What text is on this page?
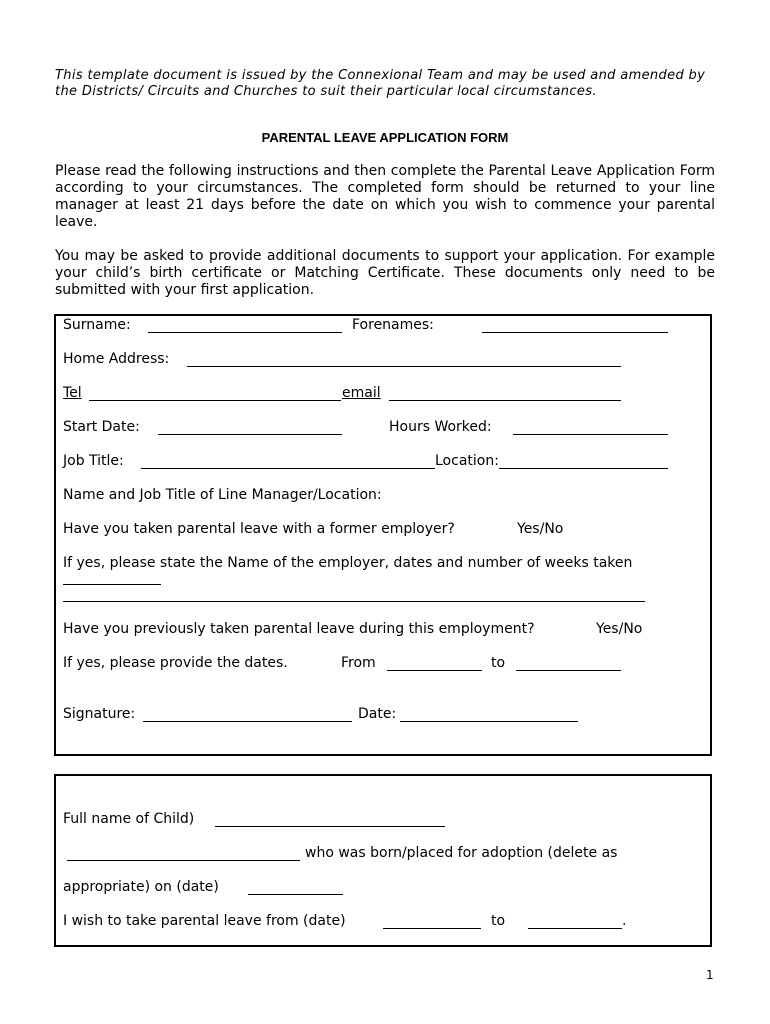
This template document is issued by the Connexional Team and may be used and amended by the Districts/ Circuits and Churches to suit their particular local circumstances.
PARENTAL LEAVE APPLICATION FORM
Please read the following instructions and then complete the Parental Leave Application Form according to your circumstances. The completed form should be returned to your line manager at least 21 days before the date on which you wish to commence your parental leave.
You may be asked to provide additional documents to support your application. For example your child’s birth certificate or Matching Certificate. These documents only need to be submitted with your first application.
Surname:	Forenames:
Home Address:
Tel	email
Start Date:	Hours Worked:
Job Title:	Location:
Name and Job Title of Line Manager/Location:
Have you taken parental leave with a former employer?	Yes/No
If yes, please state the Name of the employer, dates and number of weeks taken
Have you previously taken parental leave during this employment?	Yes/No
If yes, please provide the dates.	From	to
Signature:	Date:
Full name of Child)
who was born/placed for adoption (delete as
appropriate) on (date)
I wish to take parental leave from (date)	to	.
1
